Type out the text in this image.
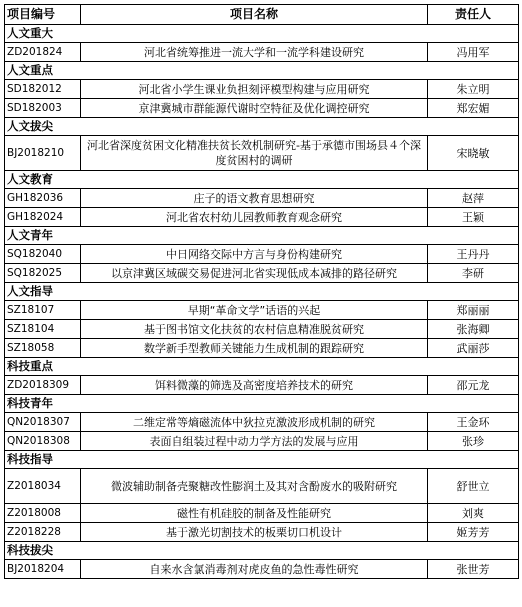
项目编号	项目名称	责任人
人文重大		
ZD201824	河北省统筹推进一流大学和一流学科建设研究	冯用军
人文重点		
SD182012	河北省小学生课业负担刻评模型构建与应用研究	朱立明
SD182003	京津冀城市群能源代谢时空特征及优化调控研究	郑宏媚
人文拔尖		
BJ2018210	河北省深度贫困文化精准扶贫长效机制研究-基于承德市围场县４个深度贫困村的调研	宋晓敏
人文教育		
GH182036	庄子的语文教育思想研究	赵萍
GH182024	河北省农村幼儿园教师教育观念研究	王颖
人文青年		
SQ182040	中日网络交际中方言与身份构建研究	王丹丹
SQ182025	以京津冀区域碳交易促进河北省实现低成本减排的路径研究	李研
人文指导		
SZ18107	早期“革命文学”话语的兴起	郑丽丽
SZ18104	基于图书馆文化扶贫的农村信息精准脱贫研究	张海卿
SZ18058	数学新手型教师关键能力生成机制的跟踪研究	武丽莎
科技重点		
ZD2018309	饵料微藻的筛选及高密度培养技术的研究	邵元龙
科技青年		
QN2018307	二维定常等熵磁流体中狄拉克激波形成机制的研究	王金环
QN2018308	表面自组装过程中动力学方法的发展与应用	张珍
科技指导		
Z2018034	微波辅助制备壳聚糖改性膨润土及其对含酚废水的吸附研究	舒世立
Z2018008	磁性有机硅胶的制备及性能研究	刘爽
Z2018228	基于激光切割技术的板栗切口机设计	姬芳芳
科技拔尖		
BJ2018204	自来水含氯消毒剂对虎皮鱼的急性毒性研究	张世芳
